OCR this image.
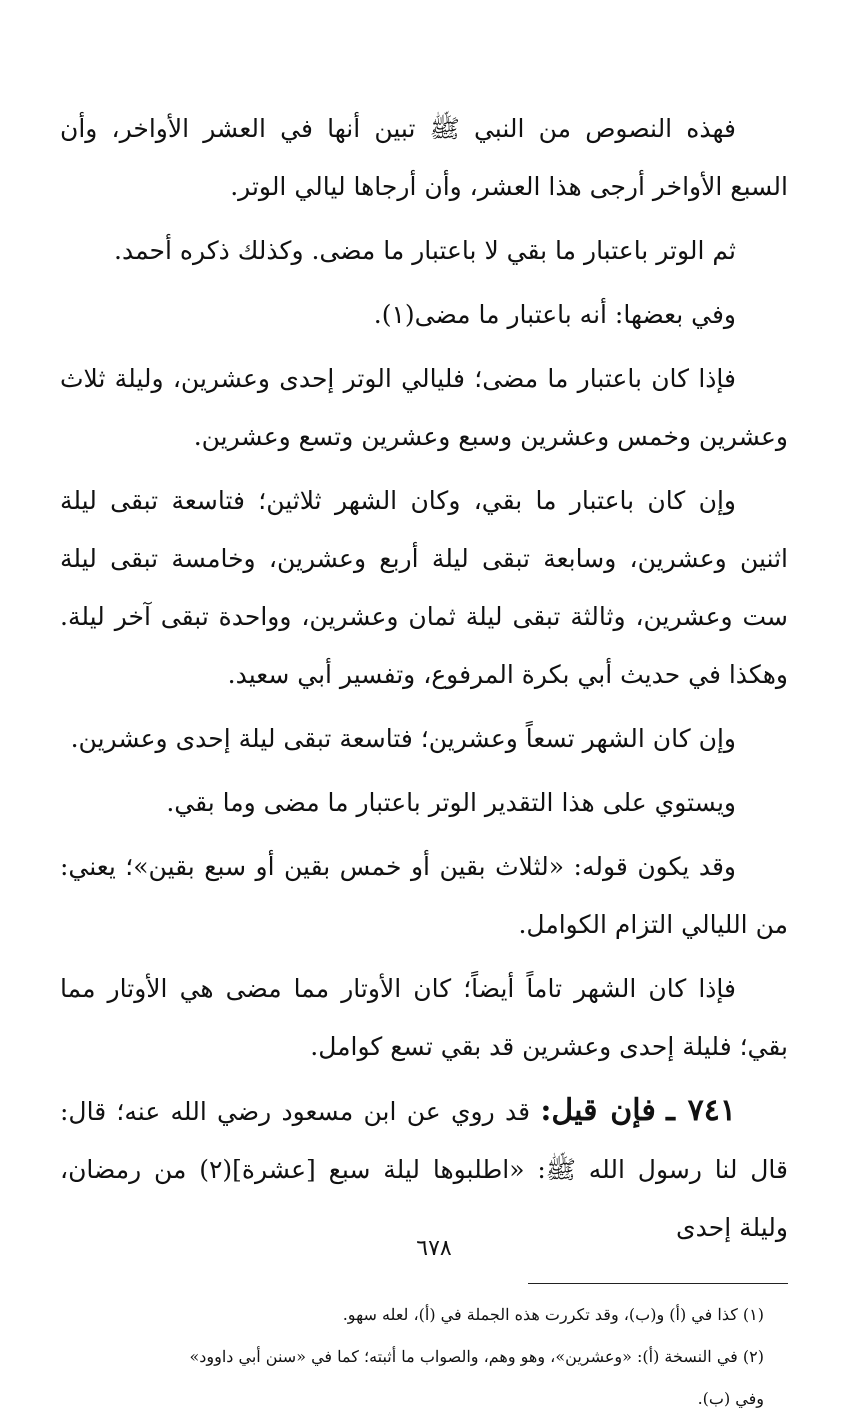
فهذه النصوص من النبي ﷺ تبين أنها في العشر الأواخر، وأن السبع الأواخر أرجى هذا العشر، وأن أرجاها ليالي الوتر.

ثم الوتر باعتبار ما بقي لا باعتبار ما مضى. وكذلك ذكره أحمد.

وفي بعضها: أنه باعتبار ما مضى(١).

فإذا كان باعتبار ما مضى؛ فليالي الوتر إحدى وعشرين، وليلة ثلاث وعشرين وخمس وعشرين وسبع وعشرين وتسع وعشرين.

وإن كان باعتبار ما بقي، وكان الشهر ثلاثين؛ فتاسعة تبقى ليلة اثنين وعشرين، وسابعة تبقى ليلة أربع وعشرين، وخامسة تبقى ليلة ست وعشرين، وثالثة تبقى ليلة ثمان وعشرين، وواحدة تبقى آخر ليلة. وهكذا في حديث أبي بكرة المرفوع، وتفسير أبي سعيد.

وإن كان الشهر تسعاً وعشرين؛ فتاسعة تبقى ليلة إحدى وعشرين.

ويستوي على هذا التقدير الوتر باعتبار ما مضى وما بقي.

وقد يكون قوله: «لثلاث بقين أو خمس بقين أو سبع بقين»؛ يعني: من الليالي التزام الكوامل.

فإذا كان الشهر تاماً أيضاً؛ كان الأوتار مما مضى هي الأوتار مما بقي؛ فليلة إحدى وعشرين قد بقي تسع كوامل.

٧٤١ ـ فإن قيل: قد روي عن ابن مسعود رضي الله عنه؛ قال: قال لنا رسول الله ﷺ: «اطلبوها ليلة سبع [عشرة](٢) من رمضان، وليلة إحدى

(١) كذا في (أ) و(ب)، وقد تكررت هذه الجملة في (أ)، لعله سهو.

(٢) في النسخة (أ): «وعشرين»، وهو وهم، والصواب ما أثبته؛ كما في «سنن أبي داوود»

وفي (ب).

٦٧٨
